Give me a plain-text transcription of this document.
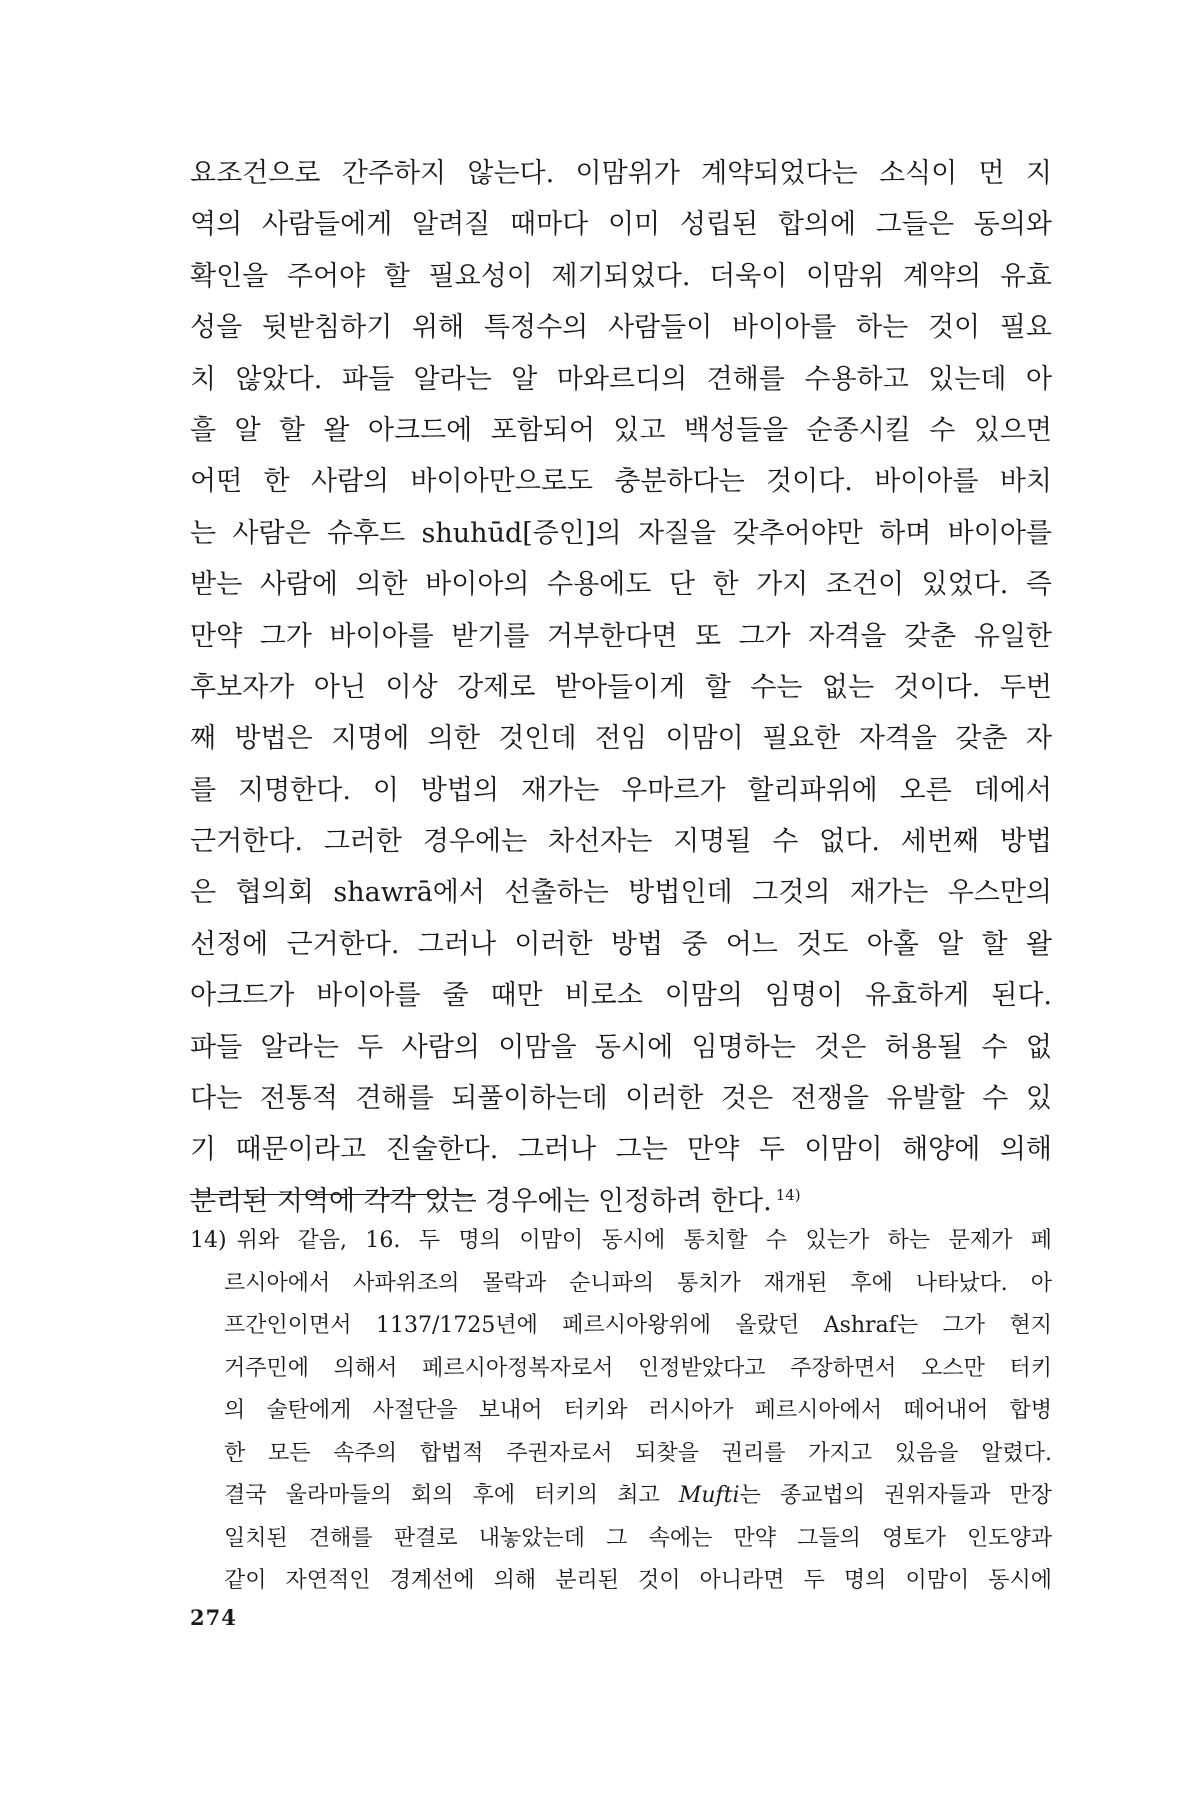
요조건으로 간주하지 않는다. 이맘위가 계약되었다는 소식이 먼 지
역의 사람들에게 알려질 때마다 이미 성립된 합의에 그들은 동의와
확인을 주어야 할 필요성이 제기되었다. 더욱이 이맘위 계약의 유효
성을 뒷받침하기 위해 특정수의 사람들이 바이아를 하는 것이 필요
치 않았다. 파들 알라는 알 마와르디의 견해를 수용하고 있는데 아
흘 알 할 왈 아크드에 포함되어 있고 백성들을 순종시킬 수 있으면
어떤 한 사람의 바이아만으로도 충분하다는 것이다. 바이아를 바치
는 사람은 슈후드 shuhūd[증인]의 자질을 갖추어야만 하며 바이아를
받는 사람에 의한 바이아의 수용에도 단 한 가지 조건이 있었다. 즉
만약 그가 바이아를 받기를 거부한다면 또 그가 자격을 갖춘 유일한
후보자가 아닌 이상 강제로 받아들이게 할 수는 없는 것이다. 두번
째 방법은 지명에 의한 것인데 전임 이맘이 필요한 자격을 갖춘 자
를 지명한다. 이 방법의 재가는 우마르가 할리파위에 오른 데에서
근거한다. 그러한 경우에는 차선자는 지명될 수 없다. 세번째 방법
은 협의회 shawrā에서 선출하는 방법인데 그것의 재가는 우스만의
선정에 근거한다. 그러나 이러한 방법 중 어느 것도 아홀 알 할 왈
아크드가 바이아를 줄 때만 비로소 이맘의 임명이 유효하게 된다.
파들 알라는 두 사람의 이맘을 동시에 임명하는 것은 허용될 수 없
다는 전통적 견해를 되풀이하는데 이러한 것은 전쟁을 유발할 수 있
기 때문이라고 진술한다. 그러나 그는 만약 두 이맘이 해양에 의해
분리된 지역에 각각 있는 경우에는 인정하려 한다. $^{14)}$
14) 위와 같음, 16. 두 명의 이맘이 동시에 통치할 수 있는가 하는 문제가 페
르시아에서 사파위조의 몰락과 순니파의 통치가 재개된 후에 나타났다. 아
프간인이면서 1137/1725년에 페르시아왕위에 올랐던 Ashraf는 그가 현지
거주민에 의해서 페르시아정복자로서 인정받았다고 주장하면서 오스만 터키
의 술탄에게 사절단을 보내어 터키와 러시아가 페르시아에서 떼어내어 합병
한 모든 속주의 합법적 주권자로서 되찾을 권리를 가지고 있음을 알렸다.
결국 울라마들의 회의 후에 터키의 최고 Mufti는 종교법의 권위자들과 만장
일치된 견해를 판결로 내놓았는데 그 속에는 만약 그들의 영토가 인도양과
같이 자연적인 경계선에 의해 분리된 것이 아니라면 두 명의 이맘이 동시에
274
